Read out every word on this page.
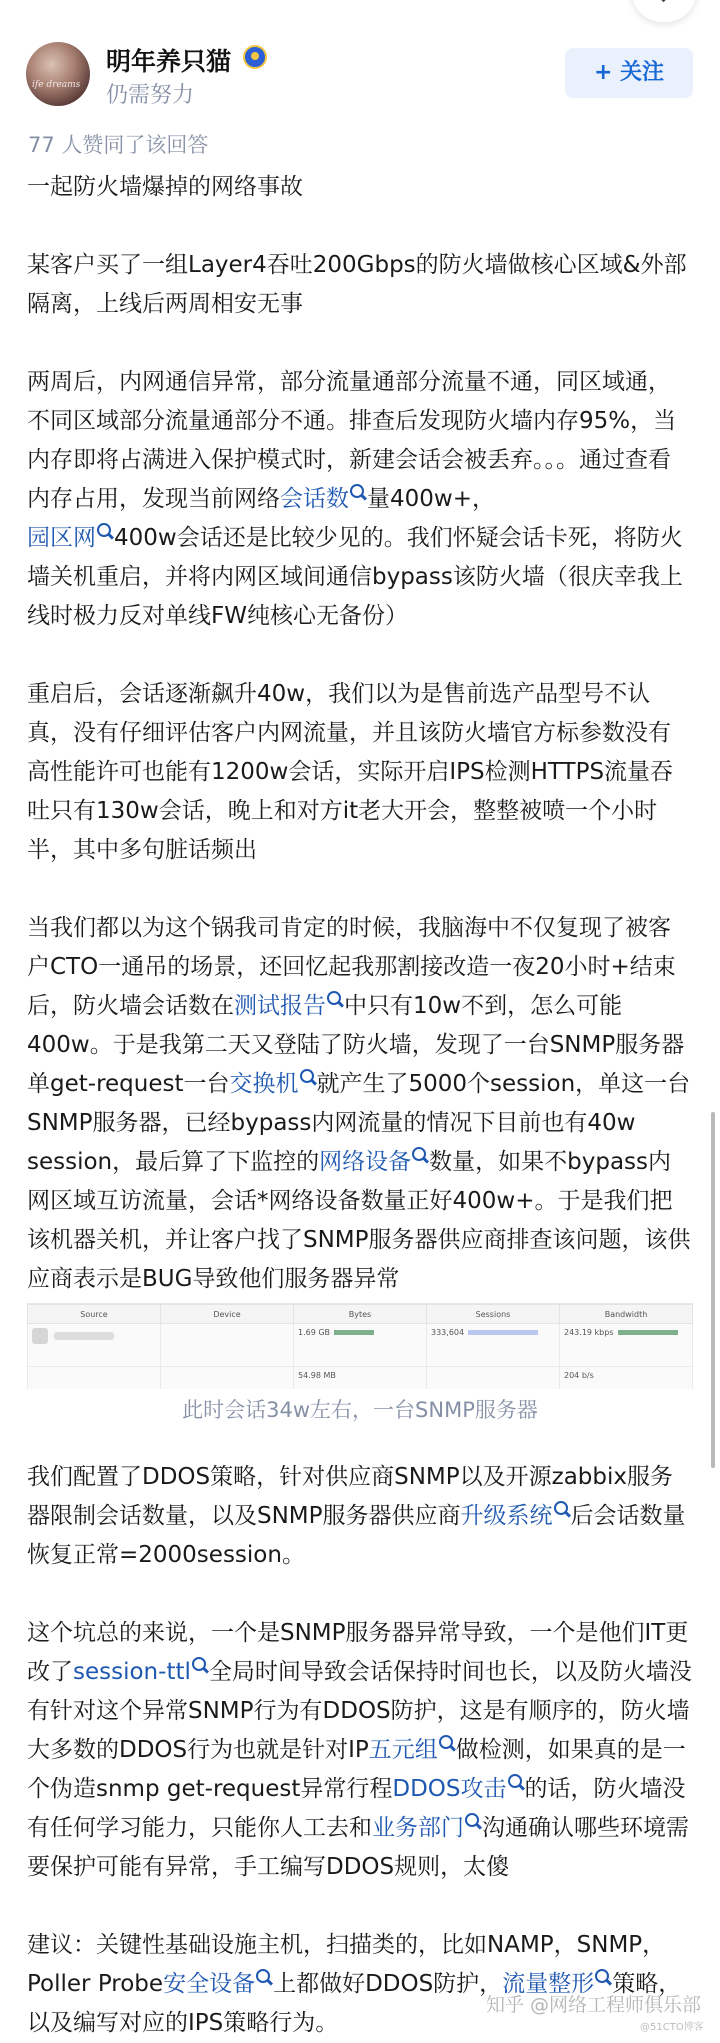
ife dreams
明年养只猫
仍需努力
+ 关注
77 人赞同了该回答

一起防火墙爆掉的网络事故

某客户买了一组Layer4吞吐200Gbps的防火墙做核心区域&外部隔离，上线后两周相安无事

两周后，内网通信异常，部分流量通部分流量不通，同区域通，不同区域部分流量通部分不通。排查后发现防火墙内存95%，当内存即将占满进入保护模式时，新建会话会被丢弃。。。通过查看内存占用，发现当前网络会话数 量400w+，
园区网 400w会话还是比较少见的。我们怀疑会话卡死，将防火墙关机重启，并将内网区域间通信bypass该防火墙（很庆幸我上线时极力反对单线FW纯核心无备份）

重启后，会话逐渐飙升40w，我们以为是售前选产品型号不认真，没有仔细评估客户内网流量，并且该防火墙官方标参数没有高性能许可也能有1200w会话，实际开启IPS检测HTTPS流量吞吐只有130w会话，晚上和对方it老大开会，整整被喷一个小时半，其中多句脏话频出

当我们都以为这个锅我司肯定的时候，我脑海中不仅复现了被客户CTO一通吊的场景，还回忆起我那割接改造一夜20小时+结束后，防火墙会话数在测试报告 中只有10w不到，怎么可能400w。于是我第二天又登陆了防火墙，发现了一台SNMP服务器单get-request一台交换机 就产生了5000个session，单这一台SNMP服务器，已经bypass内网流量的情况下目前也有40w session，最后算了下监控的网络设备 数量，如果不bypass内网区域互访流量，会话*网络设备数量正好400w+。于是我们把该机器关机，并让客户找了SNMP服务器供应商排查该问题，该供应商表示是BUG导致他们服务器异常

Source	Device	Bytes	Sessions	Bandwidth
		1.69 GB	333,604	243.19 kbps
		54.98 MB		204 b/s
此时会话34w左右，一台SNMP服务器

我们配置了DDOS策略，针对供应商SNMP以及开源zabbix服务器限制会话数量，以及SNMP服务器供应商升级系统 后会话数量恢复正常=2000session。

这个坑总的来说，一个是SNMP服务器异常导致，一个是他们IT更改了session-ttl 全局时间导致会话保持时间也长，以及防火墙没有针对这个异常SNMP行为有DDOS防护，这是有顺序的，防火墙大多数的DDOS行为也就是针对IP五元组 做检测，如果真的是一个伪造snmp get-request异常行程DDOS攻击 的话，防火墙没有任何学习能力，只能你人工去和业务部门 沟通确认哪些环境需要保护可能有异常，手工编写DDOS规则，太傻

建议：关键性基础设施主机，扫描类的，比如NAMP，SNMP，Poller Probe安全设备 上都做好DDOS防护，流量整形 策略，以及编写对应的IPS策略行为。

知乎 @网络工程师俱乐部
@51CTO博客
